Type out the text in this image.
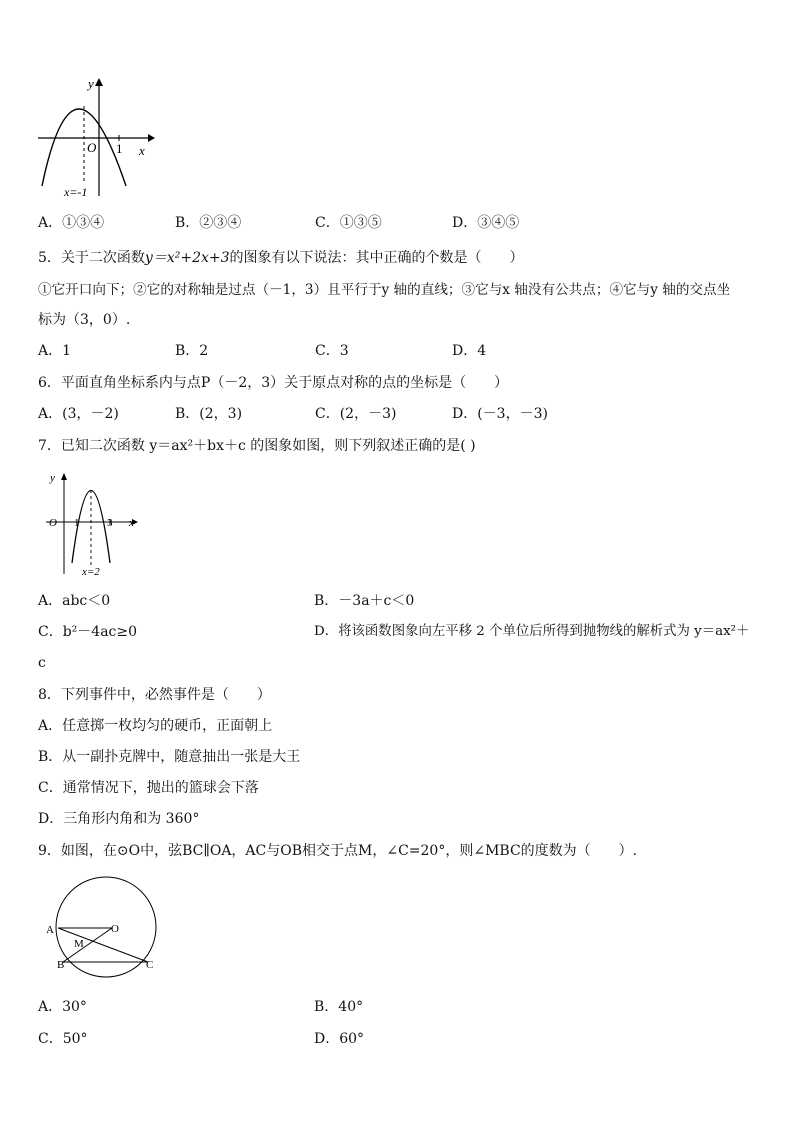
y
x
O 1
x=-1
A．①③④	B．②③④	C．①③⑤	D．③④⑤
5．关于二次函数y＝x²+2x+3的图象有以下说法：其中正确的个数是（　　）
①它开口向下；②它的对称轴是过点（－1，3）且平行于y 轴的直线；③它与x 轴没有公共点；④它与y 轴的交点坐
标为（3，0）.
A．1	B．2	C．3	D．4
6．平面直角坐标系内与点P（－2，3）关于原点对称的点的坐标是（　　）
A．(3，－2)	B．(2，3)	C．(2，－3)	D．(－3，－3)
7．已知二次函数 y＝ax²＋bx＋c 的图象如图，则下列叙述正确的是( )
y
x
O 1	3
x=2
A．abc＜0	B．－3a＋c＜0
C．b²－4ac≥0	D．将该函数图象向左平移 2 个单位后所得到抛物线的解析式为 y＝ax²＋
c
8．下列事件中，必然事件是（　　）
A．任意掷一枚均匀的硬币，正面朝上
B．从一副扑克牌中，随意抽出一张是大王
C．通常情况下，抛出的篮球会下落
D．三角形内角和为 360°
9．如图，在⊙O中，弦BC∥OA，AC与OB相交于点M，∠C=20°，则∠MBC的度数为（　　）.
A	O
M
B	C
A．30°	B．40°
C．50°	D．60°
